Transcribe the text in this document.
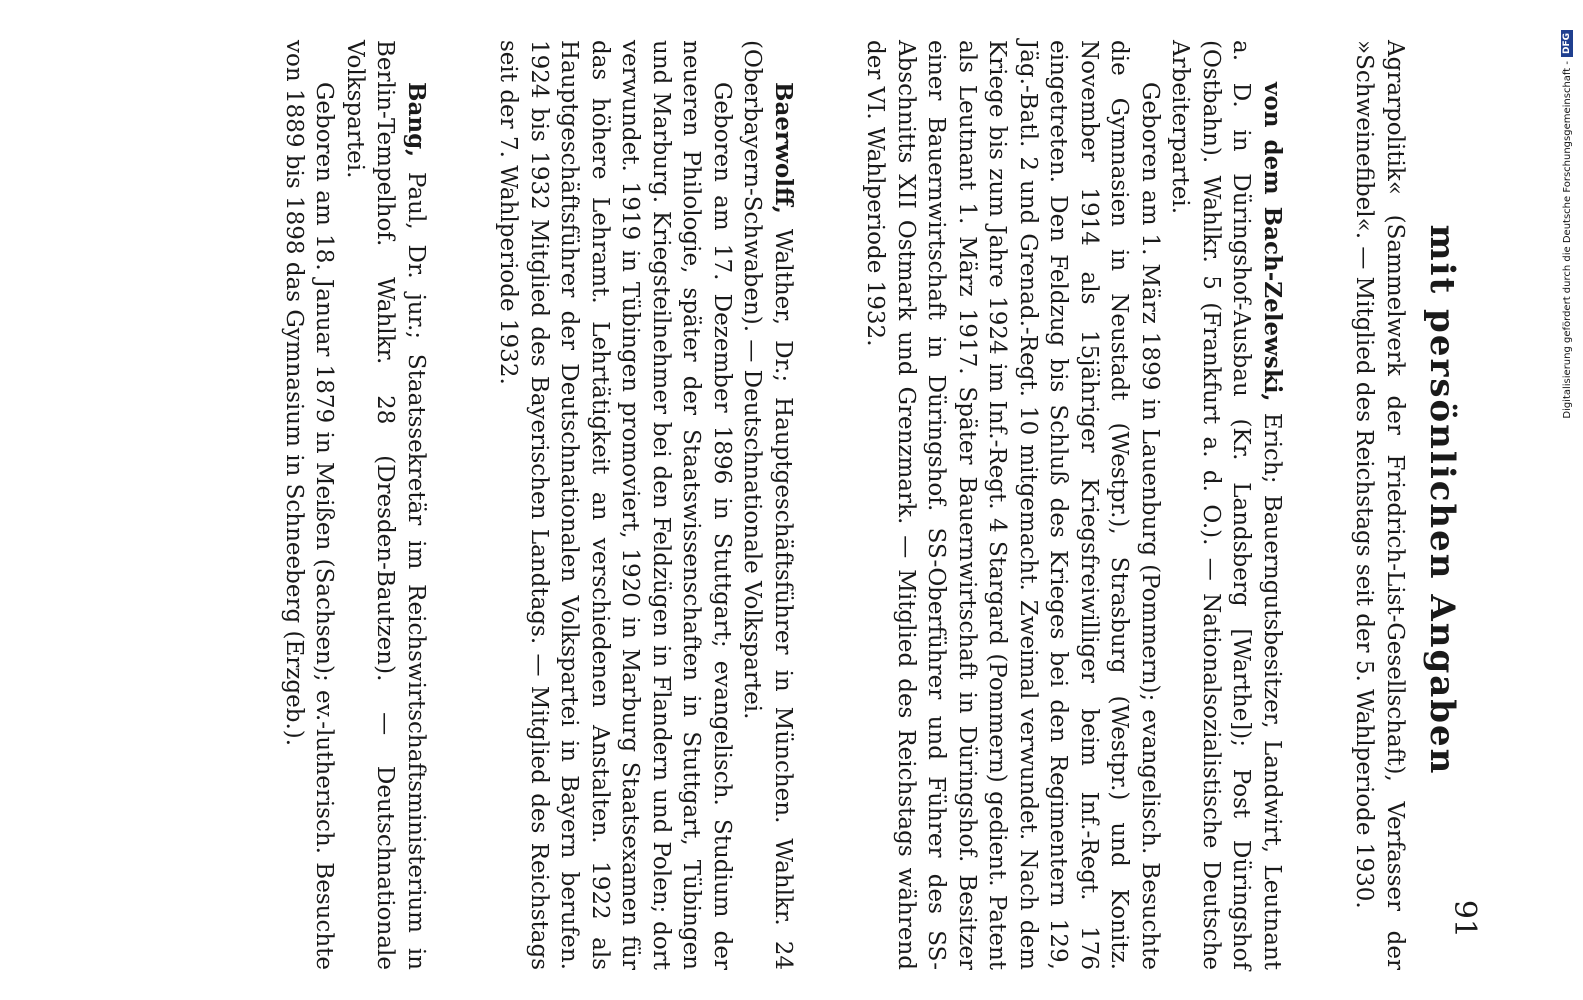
mit persönlichen Angaben
91

Agrarpolitik« (Sammelwerk der Friedrich-List-Gesellschaft), Verfasser der »Schweinefibel«. — Mitglied des Reichstags seit der 5. Wahlperiode 1930.

von dem Bach-Zelewski, Erich; Bauerngutsbesitzer, Landwirt, Leutnant a. D. in Düringshof-Ausbau (Kr. Landsberg [Warthe]); Post Düringshof (Ostbahn). Wahlkr. 5 (Frankfurt a. d. O.). — Nationalsozialistische Deutsche Arbeiterpartei.

Geboren am 1. März 1899 in Lauenburg (Pommern); evangelisch. Besuchte die Gymnasien in Neustadt (Westpr.), Strasburg (Westpr.) und Konitz. November 1914 als 15jähriger Kriegsfreiwilliger beim Inf.-Regt. 176 eingetreten. Den Feldzug bis Schluß des Krieges bei den Regimentern 129, Jäg.-Batl. 2 und Grenad.-Regt. 10 mitgemacht. Zweimal verwundet. Nach dem Kriege bis zum Jahre 1924 im Inf.-Regt. 4 Stargard (Pommern) gedient. Patent als Leutnant 1. März 1917. Später Bauernwirtschaft in Düringshof. Besitzer einer Bauernwirtschaft in Düringshof. SS-Oberführer und Führer des SS-Abschnitts XII Ostmark und Grenzmark. — Mitglied des Reichstags während der VI. Wahlperiode 1932.

Baerwolff, Walther, Dr.; Hauptgeschäftsführer in München. Wahlkr. 24 (Oberbayern-Schwaben). — Deutschnationale Volkspartei.

Geboren am 17. Dezember 1896 in Stuttgart; evangelisch. Studium der neueren Philologie, später der Staatswissenschaften in Stuttgart, Tübingen und Marburg. Kriegsteilnehmer bei den Feldzügen in Flandern und Polen; dort verwundet. 1919 in Tübingen promoviert, 1920 in Marburg Staatsexamen für das höhere Lehramt. Lehrtätigkeit an verschiedenen Anstalten. 1922 als Hauptgeschäftsführer der Deutschnationalen Volkspartei in Bayern berufen. 1924 bis 1932 Mitglied des Bayerischen Landtags. — Mitglied des Reichstags seit der 7. Wahlperiode 1932.

Bang, Paul, Dr. jur.; Staatssekretär im Reichswirtschaftsministerium in Berlin-Tempelhof. Wahlkr. 28 (Dresden-Bautzen). — Deutschnationale Volkspartei.

Geboren am 18. Januar 1879 in Meißen (Sachsen); ev.-lutherisch. Besuchte von 1889 bis 1898 das Gymnasium in Schneeberg (Erzgeb.).	Digitalisierung gefördert durch die Deutsche Forschungsgemeinschaft -DFG
